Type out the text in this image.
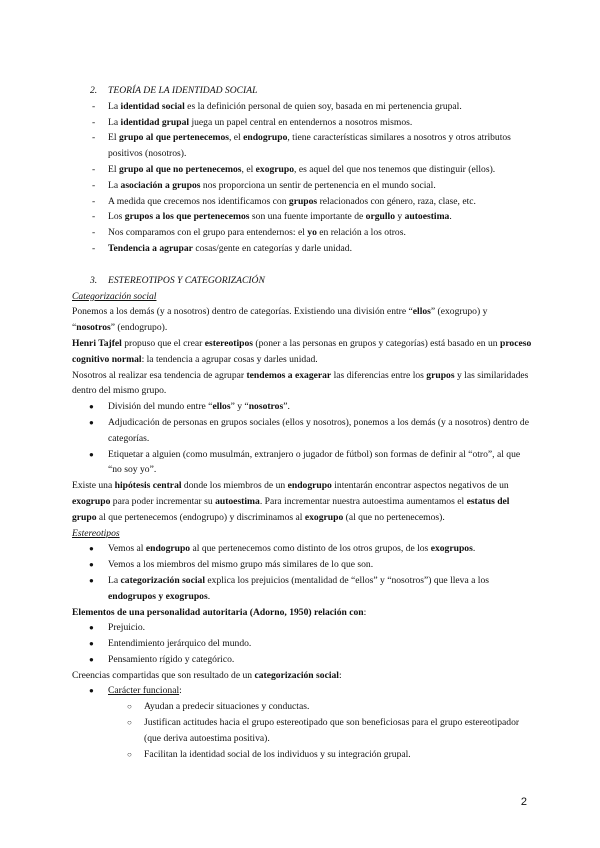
2. TEORÍA DE LA IDENTIDAD SOCIAL

- La identidad social es la definición personal de quien soy, basada en mi pertenencia grupal.
- La identidad grupal juega un papel central en entendernos a nosotros mismos.
- El grupo al que pertenecemos, el endogrupo, tiene características similares a nosotros y otros atributos positivos (nosotros).
- El grupo al que no pertenecemos, el exogrupo, es aquel del que nos tenemos que distinguir (ellos).
- La asociación a grupos nos proporciona un sentir de pertenencia en el mundo social.
- A medida que crecemos nos identificamos con grupos relacionados con género, raza, clase, etc.
- Los grupos a los que pertenecemos son una fuente importante de orgullo y autoestima.
- Nos comparamos con el grupo para entendernos: el yo en relación a los otros.
- Tendencia a agrupar cosas/gente en categorías y darle unidad.

3. ESTEREOTIPOS Y CATEGORIZACIÓN

Categorización social

Ponemos a los demás (y a nosotros) dentro de categorías. Existiendo una división entre “ellos” (exogrupo) y “nosotros” (endogrupo).

Henri Tajfel propuso que el crear estereotipos (poner a las personas en grupos y categorías) está basado en un proceso cognitivo normal: la tendencia a agrupar cosas y darles unidad.

Nosotros al realizar esa tendencia de agrupar tendemos a exagerar las diferencias entre los grupos y las similaridades dentro del mismo grupo.

● División del mundo entre “ellos” y “nosotros”.
● Adjudicación de personas en grupos sociales (ellos y nosotros), ponemos a los demás (y a nosotros) dentro de categorías.
● Etiquetar a alguien (como musulmán, extranjero o jugador de fútbol) son formas de definir al “otro”, al que “no soy yo”.

Existe una hipótesis central donde los miembros de un endogrupo intentarán encontrar aspectos negativos de un exogrupo para poder incrementar su autoestima. Para incrementar nuestra autoestima aumentamos el estatus del grupo al que pertenecemos (endogrupo) y discriminamos al exogrupo (al que no pertenecemos).

Estereotipos

● Vemos al endogrupo al que pertenecemos como distinto de los otros grupos, de los exogrupos.
● Vemos a los miembros del mismo grupo más similares de lo que son.
● La categorización social explica los prejuicios (mentalidad de “ellos” y “nosotros”) que lleva a los endogrupos y exogrupos.

Elementos de una personalidad autoritaria (Adorno, 1950) relación con:

● Prejuicio.
● Entendimiento jerárquico del mundo.
● Pensamiento rígido y categórico.

Creencias compartidas que son resultado de un categorización social:

● Carácter funcional:
○ Ayudan a predecir situaciones y conductas.
○ Justifican actitudes hacia el grupo estereotipado que son beneficiosas para el grupo estereotipador (que deriva autoestima positiva).
○ Facilitan la identidad social de los individuos y su integración grupal.
2
